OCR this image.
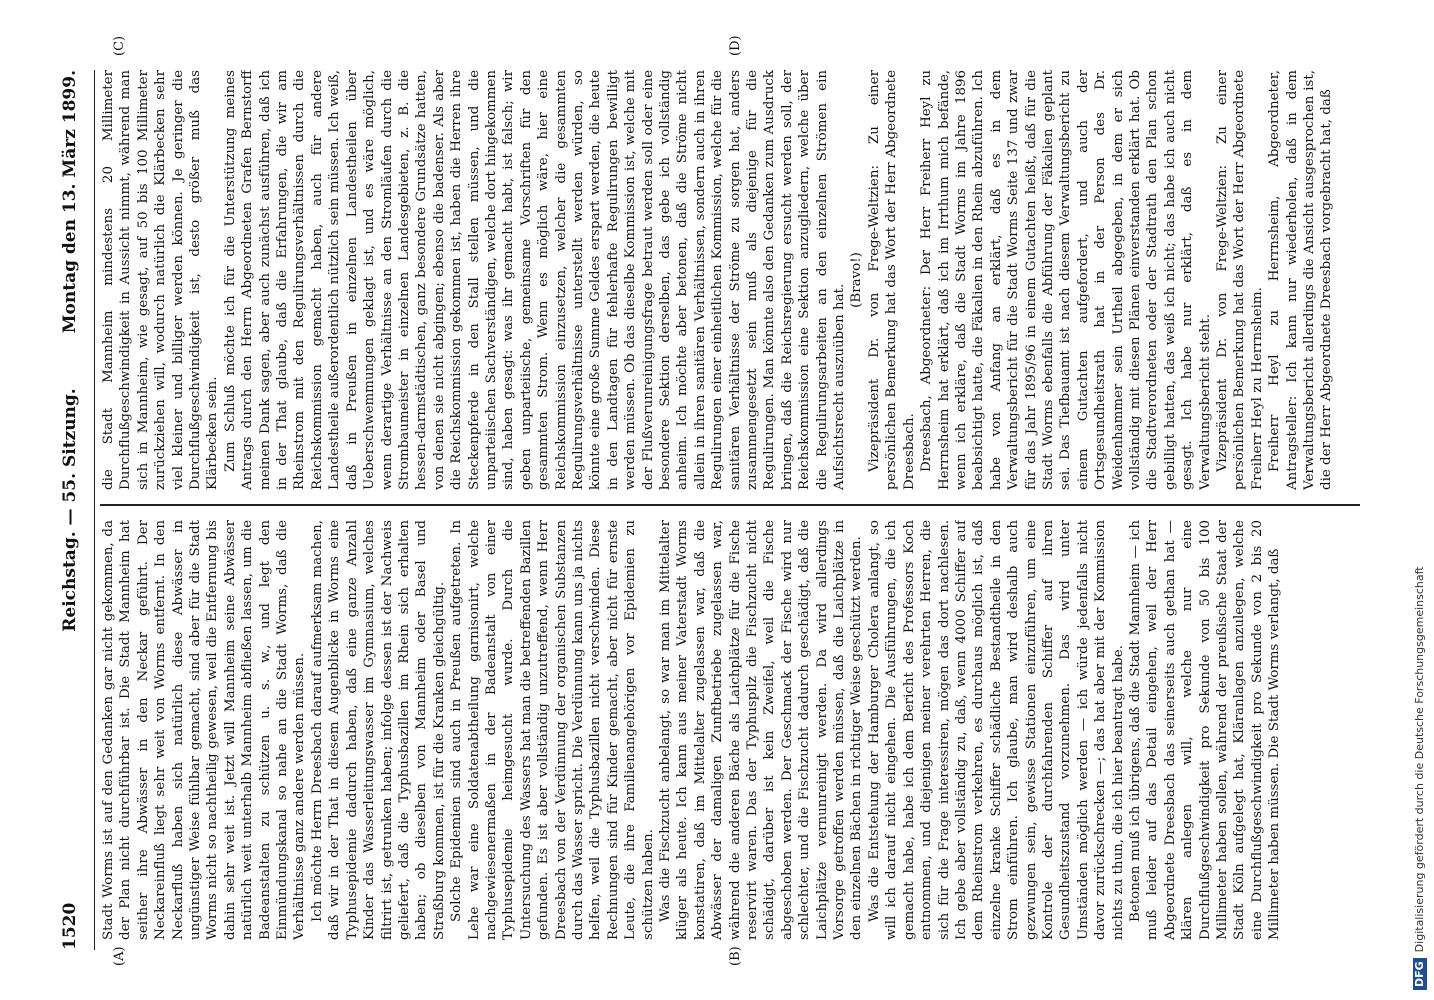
1520
Reichstag. — 55. Sitzung.
Montag den 13. März 1899.
(A)	(B)
(C)	(D)

Stadt Worms ist auf den Gedanken gar nicht gekommen, da der Plan nicht durchführbar ist. Die Stadt Mannheim hat seither ihre Abwässer in den Neckar geführt. Der Neckareinfluß liegt sehr weit von Worms entfernt. In den Neckarfluß haben sich natürlich diese Abwässer in ungünstiger Weise fühlbar gemacht, sind aber für die Stadt Worms nicht so nachtheilig gewesen, weil die Entfernung bis dahin sehr weit ist. Jetzt will Mannheim seine Abwässer natürlich weit unterhalb Mannheim abfließen lassen, um die Badeanstalten zu schützen u. s. w., und legt den Einmündungskanal so nahe an die Stadt Worms, daß die Verhältnisse ganz andere werden müssen. Ich möchte Herrn Dreesbach darauf aufmerksam machen, daß wir in der That in diesem Augenblicke in Worms eine Typhusepidemie dadurch haben, daß eine ganze Anzahl Kinder das Wasserleitungswasser im Gymnasium, welches filtrirt ist, getrunken haben; infolge dessen ist der Nachweis geliefert, daß die Typhusbazillen im Rhein sich erhalten haben; ob dieselben von Mannheim oder Basel und Straßburg kommen, ist für die Kranken gleichgültig. Solche Epidemien sind auch in Preußen aufgetreten. In Lehe war eine Soldatenabtheilung garnisonirt, welche nachgewiesenermaßen in der Badeanstalt von einer Typhusepidemie heimgesucht wurde. Durch die Untersuchung des Wassers hat man die betreffenden Bazillen gefunden. Es ist aber vollständig unzutreffend, wenn Herr Dreesbach von der Verdünnung der organischen Substanzen durch das Wasser spricht. Die Verdünnung kann uns ja nichts helfen, weil die Typhusbazillen nicht verschwinden. Diese Rechnungen sind für Kinder gemacht, aber nicht für ernste Leute, die ihre Familienangehörigen vor Epidemien zu schützen haben. Was die Fischzucht anbelangt, so war man im Mittelalter klüger als heute. Ich kann aus meiner Vaterstadt Worms konstatiren, daß im Mittelalter zugelassen war, daß die Abwässer der damaligen Zunftbetriebe zugelassen war, während die anderen Bäche als Laichplätze für die Fische reservirt waren. Das der Typhuspilz die Fischzucht nicht schädigt, darüber ist kein Zweifel, weil die Fische abgeschoben werden. Der Geschmack der Fische wird nur schlechter, und die Fischzucht dadurch geschädigt, daß die Laichplätze vernunreinigt werden. Da wird allerdings Vorsorge getroffen werden müssen, daß die Laichplätze in den einzelnen Bächen in richtiger Weise geschützt werden. Was die Entstehung der Hamburger Cholera anlangt, so will ich darauf nicht eingehen. Die Ausführungen, die ich gemacht habe, habe ich dem Bericht des Professors Koch entnommen, und diejenigen meiner verehrten Herren, die sich für die Frage interessiren, mögen das dort nachlesen. Ich gebe aber vollständig zu, daß, wenn 4000 Schiffer auf dem Rheinstrom verkehren, es durchaus möglich ist, daß einzelne kranke Schiffer schädliche Bestandtheile in den Strom einführen. Ich glaube, man wird deshalb auch gezwungen sein, gewisse Stationen einzuführen, um eine Kontrole der durchfahrenden Schiffer auf ihren Gesundheitszustand vorzunehmen. Das wird unter Umständen möglich werden — ich würde jedenfalls nicht davor zurückschrecken —; das hat aber mit der Kommission nichts zu thun, die ich hier beantragt habe. Betonen muß ich übrigens, daß die Stadt Mannheim — ich muß leider auf das Detail eingehen, weil der Herr Abgeordnete Dreesbach das seinerseits auch gethan hat — klären anlegen will, welche nur eine Durchflußgeschwindigkeit pro Sekunde von 50 bis 100 Millimeter haben sollen, während der preußische Staat der Stadt Köln aufgelegt hat, Kläranlagen anzulegen, welche eine Durchflußgeschwindigkeit pro Sekunde von 2 bis 20 Millimeter haben müssen. Die Stadt Worms verlangt, daß

die Stadt Mannheim mindestens 20 Millimeter Durchflußgeschwindigkeit in Aussicht nimmt, während man sich in Mannheim, wie gesagt, auf 50 bis 100 Millimeter zurückziehen will, wodurch natürlich die Klärbecken sehr viel kleiner und billiger werden können. Je geringer die Durchflußgeschwindigkeit ist, desto größer muß das Klärbecken sein. Zum Schluß möchte ich für die Unterstützung meines Antrags durch den Herrn Abgeordneten Grafen Bernstorff meinen Dank sagen, aber auch zunächst ausführen, daß ich in der That glaube, daß die Erfahrungen, die wir am Rheinstrom mit den Regulirungsverhältnissen durch die Reichskommission gemacht haben, auch für andere Landestheile außerordentlich nützlich sein müssen. Ich weiß, daß in Preußen in einzelnen Landestheilen über Ueberschwemmungen geklagt ist, und es wäre möglich, wenn derartige Verhältnisse an den Stromläufen durch die Strombaumeister in einzelnen Landesgebieten, z. B. die hessen-darmstädtischen, ganz besondere Grundsätze hatten, von denen sie nicht abgingen; ebenso die badenser. Als aber die Reichskommission gekommen ist, haben die Herren ihre Steckenpferde in den Stall stellen müssen, und die unparteiischen Sachverständigen, welche dort hingekommen sind, haben gesagt: was ihr gemacht habt, ist falsch; wir geben unparteiische, gemeinsame Vorschriften für den gesammten Strom. Wenn es möglich wäre, hier eine Reichskommission einzusetzen, welcher die gesammten Regulirungsverhältnisse unterstellt werden würden, so könnte eine große Summe Geldes erspart werden, die heute in den Landtagen für fehlerhafte Regulirungen bewilligt werden müssen. Ob das dieselbe Kommission ist, welche mit der Flußverunreinigungsfrage betraut werden soll oder eine besondere Sektion derselben, das gebe ich vollständig anheim. Ich möchte aber betonen, daß die Ströme nicht allein in ihren sanitären Verhältnissen, sondern auch in ihren Regulirungen einer einheitlichen Kommission, welche für die sanitären Verhältnisse der Ströme zu sorgen hat, anders zusammengesetzt sein muß als diejenige für die Regulirungen. Man könnte also den Gedanken zum Ausdruck bringen, daß die Reichsregierung ersucht werden soll, der Reichskommission eine Sektion anzugliedern, welche über die Regulirungsarbeiten an den einzelnen Strömen ein Aufsichtsrecht auszuüben hat.

(Bravo!) Vizepräsident Dr. von Frege-Weltzien: Zu einer persönlichen Bemerkung hat das Wort der Herr Abgeordnete Dreesbach. Dreesbach, Abgeordneter: Der Herr Freiherr Heyl zu Herrnsheim hat erklärt, daß ich im Irrthum mich befände, wenn ich erkläre, daß die Stadt Worms im Jahre 1896 beabsichtigt hatte, die Fäkalien in den Rhein abzuführen. Ich habe von Anfang an erklärt, daß es in dem Verwaltungsbericht für die Stadt Worms Seite 137 und zwar für das Jahr 1895/96 in einem Gutachten heißt, daß für die Stadt Worms ebenfalls die Abführung der Fäkalien geplant sei. Das Tiefbauamt ist nach diesem Verwaltungsbericht zu einem Gutachten aufgefordert, und auch der Ortsgesundheitsrath hat in der Person des Dr. Weidenhammer sein Urtheil abgegeben, in dem er sich vollständig mit diesen Plänen einverstanden erklärt hat. Ob die Stadtverordneten oder der Stadtrath den Plan schon gebilligt hatten, das weiß ich nicht; das habe ich auch nicht gesagt. Ich habe nur erklärt, daß es in dem Verwaltungsbericht steht. Vizepräsident Dr. von Frege-Weltzien: Zu einer persönlichen Bemerkung hat das Wort der Herr Abgeordnete Freiherr Heyl zu Herrnsheim. Freiherr Heyl zu Herrnsheim, Abgeordneter, Antragsteller: Ich kann nur wiederholen, daß in dem Verwaltungsbericht allerdings die Ansicht ausgesprochen ist, die der Herr Abgeordnete Dreesbach vorgebracht hat, daß

DFGDigitalisierung gefördert durch die Deutsche Forschungsgemeinschaft
